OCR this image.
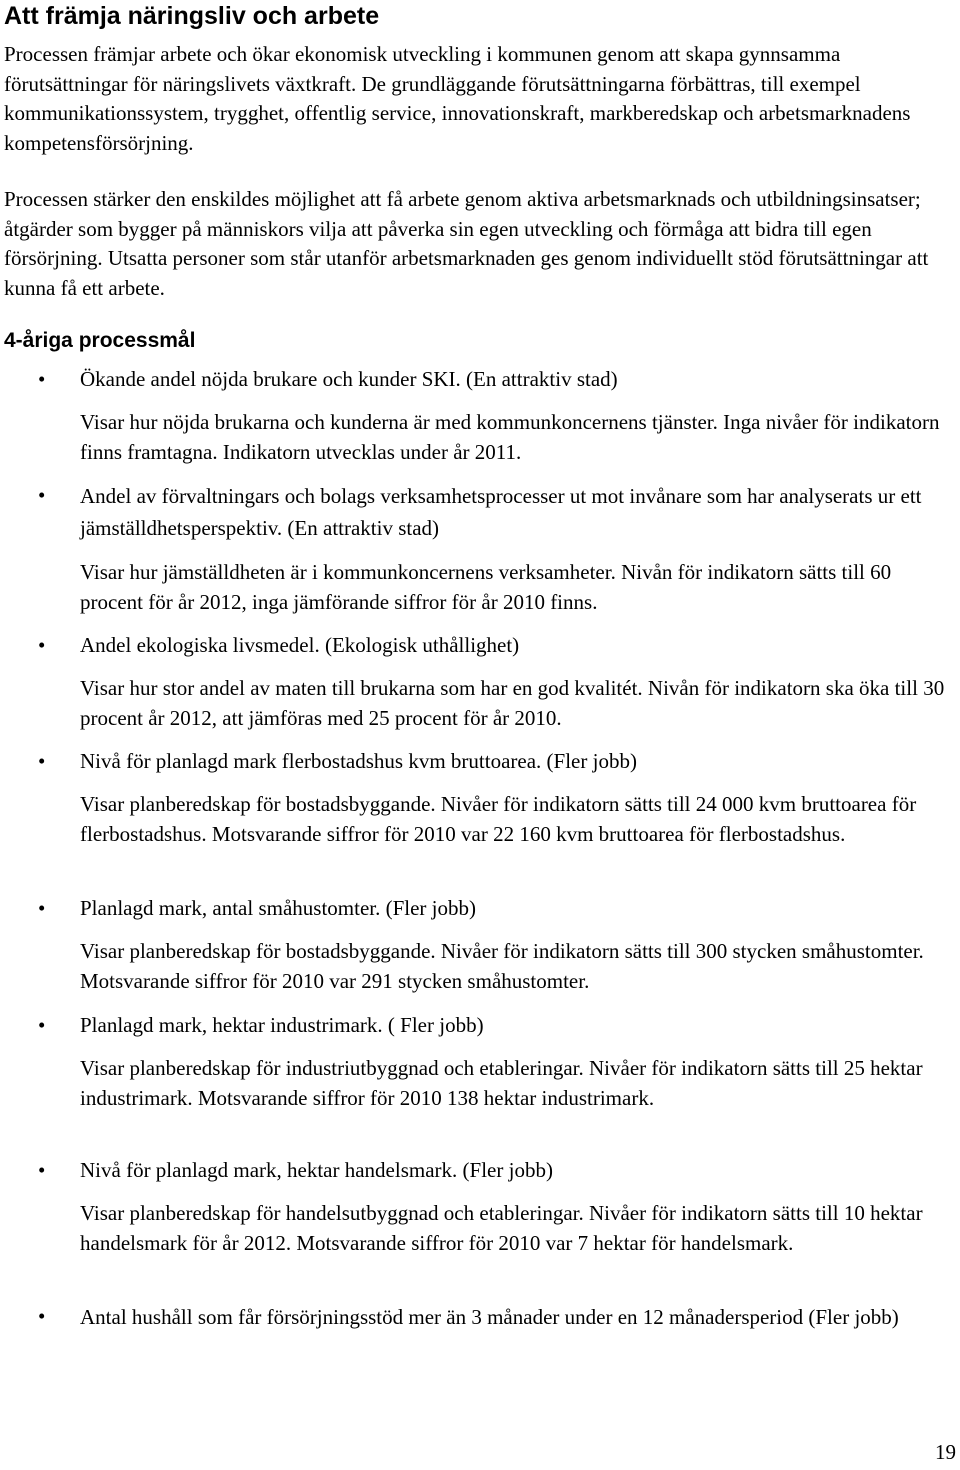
Att främja näringsliv och arbete

Processen främjar arbete och ökar ekonomisk utveckling i kommunen genom att skapa gynnsamma förutsättningar för näringslivets växtkraft. De grundläggande förutsättningarna förbättras, till exempel kommunikationssystem, trygghet, offentlig service, innovationskraft, markberedskap och arbetsmarknadens kompetensförsörjning.

Processen stärker den enskildes möjlighet att få arbete genom aktiva arbetsmarknads och utbildningsinsatser; åtgärder som bygger på människors vilja att påverka sin egen utveckling och förmåga att bidra till egen försörjning. Utsatta personer som står utanför arbetsmarknaden ges genom individuellt stöd förutsättningar att kunna få ett arbete.

4-åriga processmål
• Ökande andel nöjda brukare och kunder SKI. (En attraktiv stad)

Visar hur nöjda brukarna och kunderna är med kommunkoncernens tjänster. Inga nivåer för indikatorn finns framtagna. Indikatorn utvecklas under år 2011.

• Andel av förvaltningars och bolags verksamhetsprocesser ut mot invånare som har analyserats ur ett jämställdhetsperspektiv. (En attraktiv stad)

Visar hur jämställdheten är i kommunkoncernens verksamheter. Nivån för indikatorn sätts till 60 procent för år 2012, inga jämförande siffror för år 2010 finns.

• Andel ekologiska livsmedel. (Ekologisk uthållighet)

Visar hur stor andel av maten till brukarna som har en god kvalitét. Nivån för indikatorn ska öka till 30 procent år 2012, att jämföras med 25 procent för år 2010.

• Nivå för planlagd mark flerbostadshus kvm bruttoarea. (Fler jobb)

Visar planberedskap för bostadsbyggande. Nivåer för indikatorn sätts till 24 000 kvm bruttoarea för flerbostadshus. Motsvarande siffror för 2010 var 22 160 kvm bruttoarea för flerbostadshus.

• Planlagd mark, antal småhustomter. (Fler jobb)

Visar planberedskap för bostadsbyggande. Nivåer för indikatorn sätts till 300 stycken småhustomter. Motsvarande siffror för 2010 var 291 stycken småhustomter.

• Planlagd mark, hektar industrimark. ( Fler jobb)

Visar planberedskap för industriutbyggnad och etableringar. Nivåer för indikatorn sätts till 25 hektar industrimark. Motsvarande siffror för 2010 138 hektar industrimark.

• Nivå för planlagd mark, hektar handelsmark. (Fler jobb)

Visar planberedskap för handelsutbyggnad och etableringar. Nivåer för indikatorn sätts till 10 hektar handelsmark för år 2012. Motsvarande siffror för 2010 var 7 hektar för handelsmark.

• Antal hushåll som får försörjningsstöd mer än 3 månader under en 12 månadersperiod (Fler jobb)

19
